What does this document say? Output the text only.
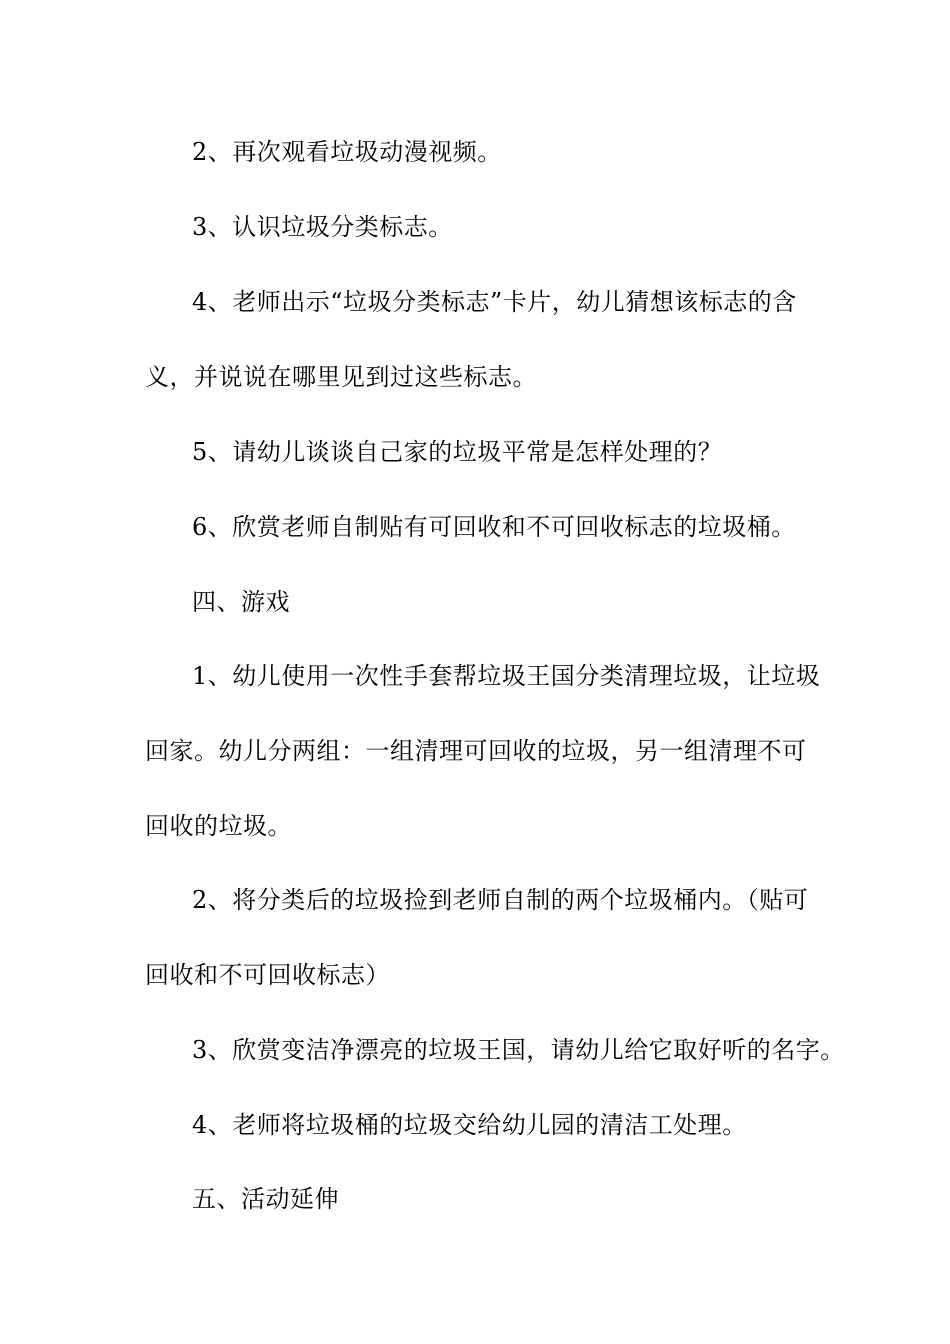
2、再次观看垃圾动漫视频。
3、认识垃圾分类标志。
4、老师出示“垃圾分类标志”卡片，幼儿猜想该标志的含
义，并说说在哪里见到过这些标志。
5、请幼儿谈谈自己家的垃圾平常是怎样处理的？
6、欣赏老师自制贴有可回收和不可回收标志的垃圾桶。
四、游戏
1、幼儿使用一次性手套帮垃圾王国分类清理垃圾，让垃圾
回家。幼儿分两组：一组清理可回收的垃圾，另一组清理不可
回收的垃圾。
2、将分类后的垃圾捡到老师自制的两个垃圾桶内。（贴可
回收和不可回收标志）
3、欣赏变洁净漂亮的垃圾王国，请幼儿给它取好听的名字。
4、老师将垃圾桶的垃圾交给幼儿园的清洁工处理。
五、活动延伸
